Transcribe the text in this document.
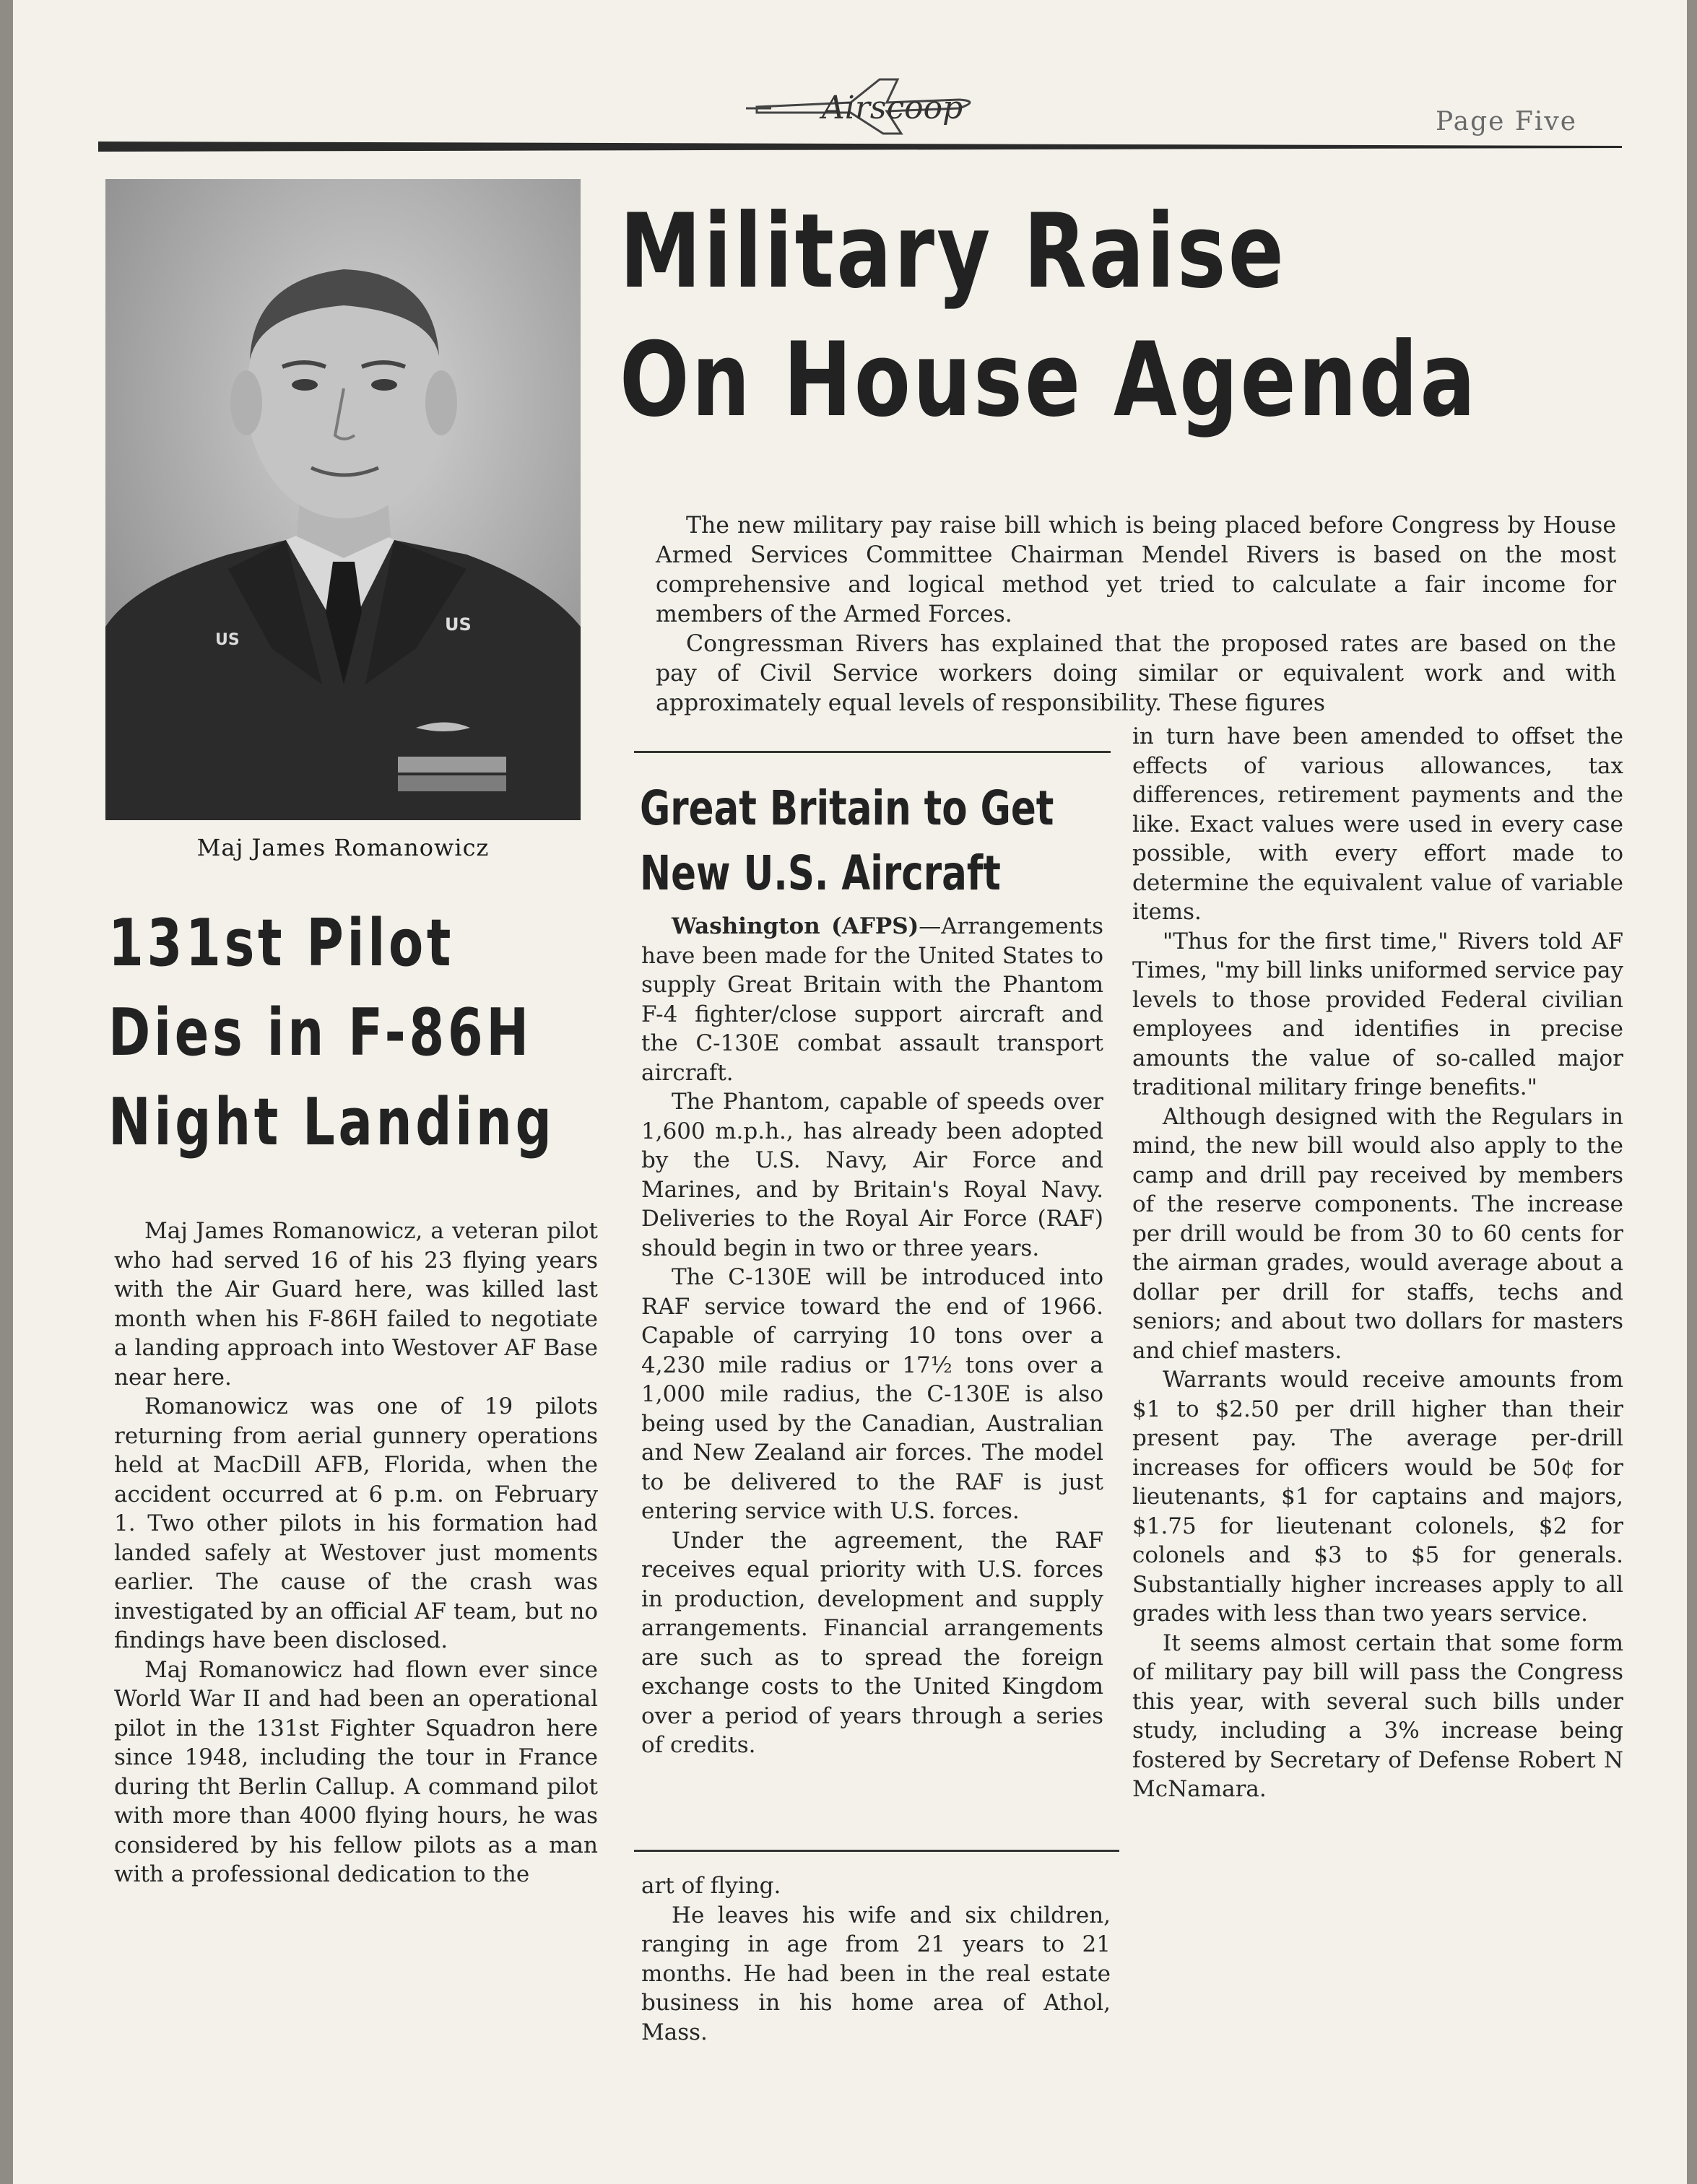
Airscoop	Page Five
US
US
Maj James Romanowicz
Military Raise
On House Agenda

The new military pay raise bill which is being placed before Congress by House Armed Services Committee Chairman Mendel Rivers is based on the most comprehensive and logical method yet tried to calculate a fair income for members of the Armed Forces.

Congressman Rivers has explained that the proposed rates are based on the pay of Civil Service workers doing similar or equivalent work and with approximately equal levels of responsibility. These figures

Great Britain to Get
New U.S. Aircraft

Washington (AFPS)—Arrangements have been made for the United States to supply Great Britain with the Phantom F-4 fighter/close support aircraft and the C-130E combat assault transport aircraft.

The Phantom, capable of speeds over 1,600 m.p.h., has already been adopted by the U.S. Navy, Air Force and Marines, and by Britain's Royal Navy. Deliveries to the Royal Air Force (RAF) should begin in two or three years.

The C-130E will be introduced into RAF service toward the end of 1966. Capable of carrying 10 tons over a 4,230 mile radius or 17½ tons over a 1,000 mile radius, the C-130E is also being used by the Canadian, Australian and New Zealand air forces. The model to be delivered to the RAF is just entering service with U.S. forces.

Under the agreement, the RAF receives equal priority with U.S. forces in production, development and supply arrangements. Financial arrangements are such as to spread the foreign exchange costs to the United Kingdom over a period of years through a series of credits.

art of flying.

He leaves his wife and six children, ranging in age from 21 years to 21 months. He had been in the real estate business in his home area of Athol, Mass.

131st Pilot
Dies in F-86H
Night Landing

Maj James Romanowicz, a veteran pilot who had served 16 of his 23 flying years with the Air Guard here, was killed last month when his F-86H failed to negotiate a landing approach into Westover AF Base near here.

Romanowicz was one of 19 pilots returning from aerial gunnery operations held at MacDill AFB, Florida, when the accident occurred at 6 p.m. on February 1. Two other pilots in his formation had landed safely at Westover just moments earlier. The cause of the crash was investigated by an official AF team, but no findings have been disclosed.

Maj Romanowicz had flown ever since World War II and had been an operational pilot in the 131st Fighter Squadron here since 1948, including the tour in France during tht Berlin Callup. A command pilot with more than 4000 flying hours, he was considered by his fellow pilots as a man with a professional dedication to the

in turn have been amended to offset the effects of various allowances, tax differences, retirement payments and the like. Exact values were used in every case possible, with every effort made to determine the equivalent value of variable items.

"Thus for the first time," Rivers told AF Times, "my bill links uniformed service pay levels to those provided Federal civilian employees and identifies in precise amounts the value of so-called major traditional military fringe benefits."

Although designed with the Regulars in mind, the new bill would also apply to the camp and drill pay received by members of the reserve components. The increase per drill would be from 30 to 60 cents for the airman grades, would average about a dollar per drill for staffs, techs and seniors; and about two dollars for masters and chief masters.

Warrants would receive amounts from $1 to $2.50 per drill higher than their present pay. The average per-drill increases for officers would be 50¢ for lieutenants, $1 for captains and majors, $1.75 for lieutenant colonels, $2 for colonels and $3 to $5 for generals. Substantially higher increases apply to all grades with less than two years service.

It seems almost certain that some form of military pay bill will pass the Congress this year, with several such bills under study, including a 3% increase being fostered by Secretary of Defense Robert N McNamara.
